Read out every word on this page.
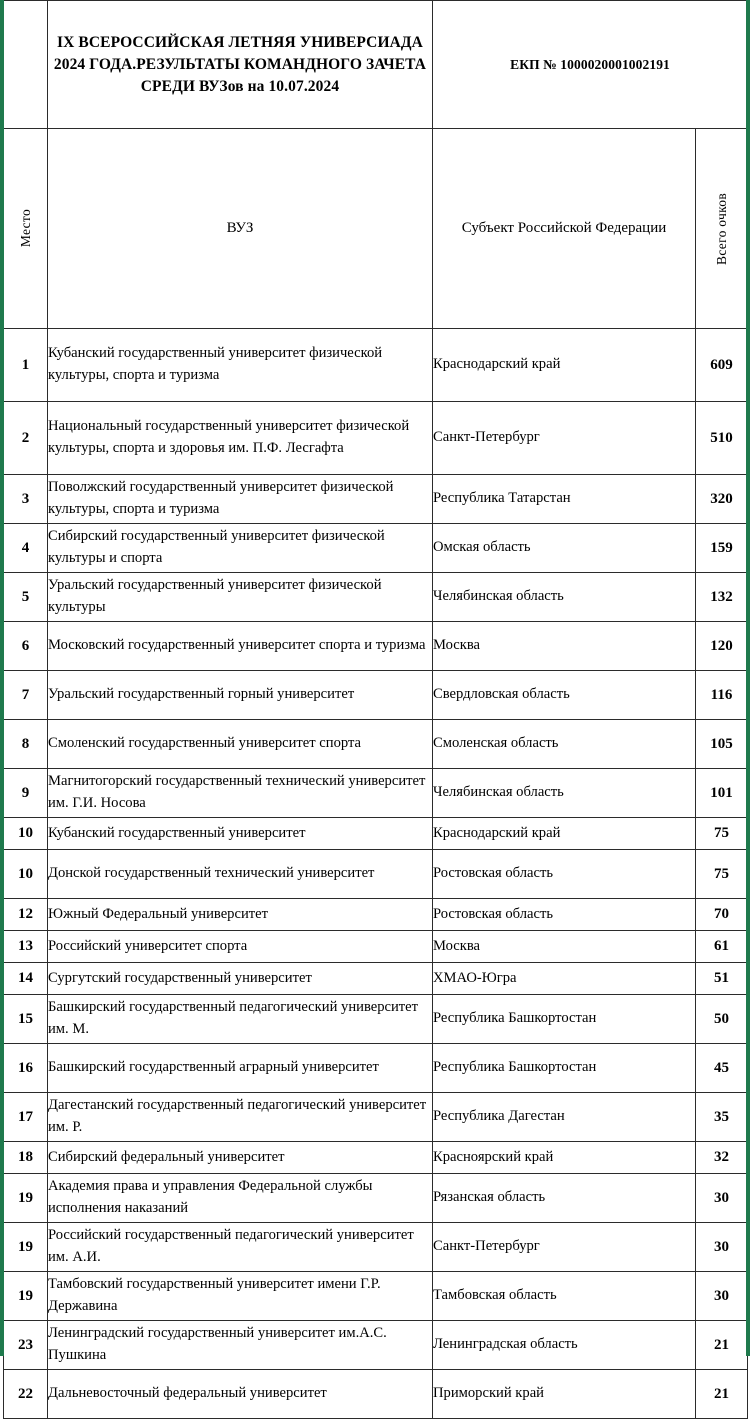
	IX ВСЕРОССИЙСКАЯ ЛЕТНЯЯ УНИВЕРСИАДА 2024 ГОДА.РЕЗУЛЬТАТЫ КОМАНДНОГО ЗАЧЕТА СРЕДИ ВУЗов на 10.07.2024	ЕКП № 1000020001002191	

Место	ВУЗ	Субъект Российской Федерации	Всего очков

1	Кубанский государственный университет физической культуры, спорта и туризма	Краснодарский край	609
2	Национальный государственный университет физической культуры, спорта и здоровья им. П.Ф. Лесгафта	Санкт-Петербург	510
3	Поволжский государственный университет физической культуры, спорта и туризма	Республика Татарстан	320
4	Сибирский государственный университет физической культуры и спорта	Омская область	159
5	Уральский государственный университет физической культуры	Челябинская область	132
6	Московский государственный университет спорта и туризма	Москва	120
7	Уральский государственный горный университет	Свердловская область	116
8	Смоленский государственный университет спорта	Смоленская область	105
9	Магнитогорский государственный технический университет им. Г.И. Носова	Челябинская область	101
10	Кубанский государственный университет	Краснодарский край	75
10	Донской государственный технический университет	Ростовская область	75
12	Южный Федеральный университет	Ростовская область	70
13	Российский университет спорта	Москва	61
14	Сургутский государственный университет	ХМАО-Югра	51
15	Башкирский государственный педагогический университет им. М.	Республика Башкортостан	50
16	Башкирский государственный аграрный университет	Республика Башкортостан	45
17	Дагестанский государственный педагогический университет им. Р.	Республика Дагестан	35
18	Сибирский федеральный университет	Красноярский край	32
19	Академия права и управления Федеральной службы исполнения наказаний	Рязанская область	30
19	Российский государственный педагогический университет им. А.И.	Санкт-Петербург	30
19	Тамбовский государственный университет имени Г.Р. Державина	Тамбовская область	30
23	Ленинградский государственный университет им.А.С. Пушкина	Ленинградская область	21
22	Дальневосточный федеральный университет	Приморский край	21
